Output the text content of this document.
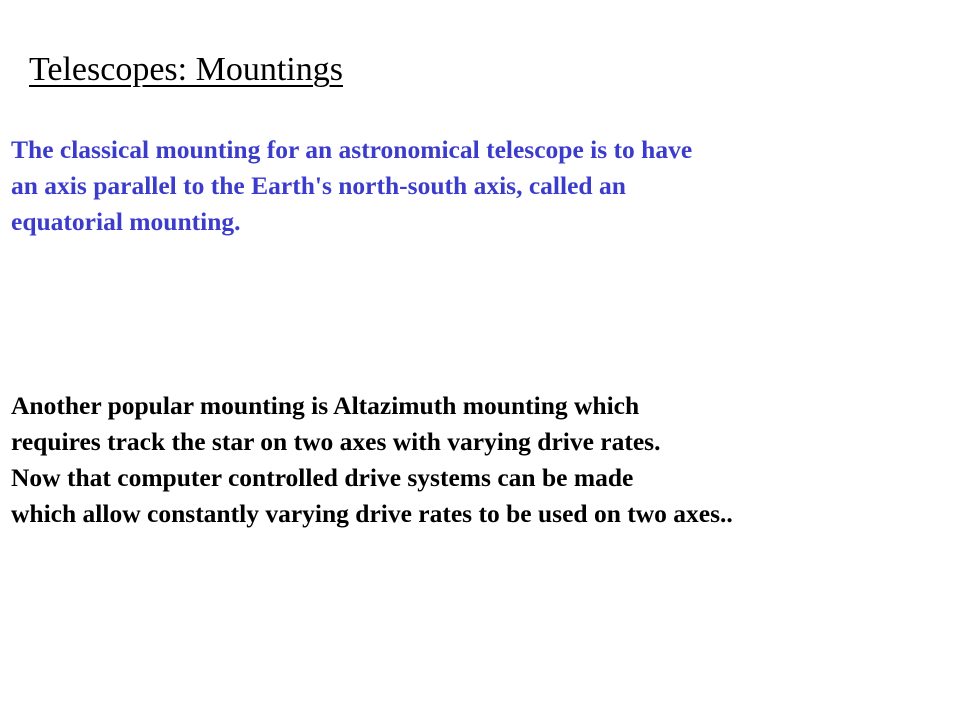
Telescopes: Mountings
The classical mounting for an astronomical telescope is to have
an axis parallel to the Earth's north-south axis, called an
equatorial mounting.
Another popular mounting is Altazimuth mounting which
requires track the star on two axes with varying drive rates.
Now that computer controlled drive systems can be made
which allow constantly varying drive rates to be used on two axes..
